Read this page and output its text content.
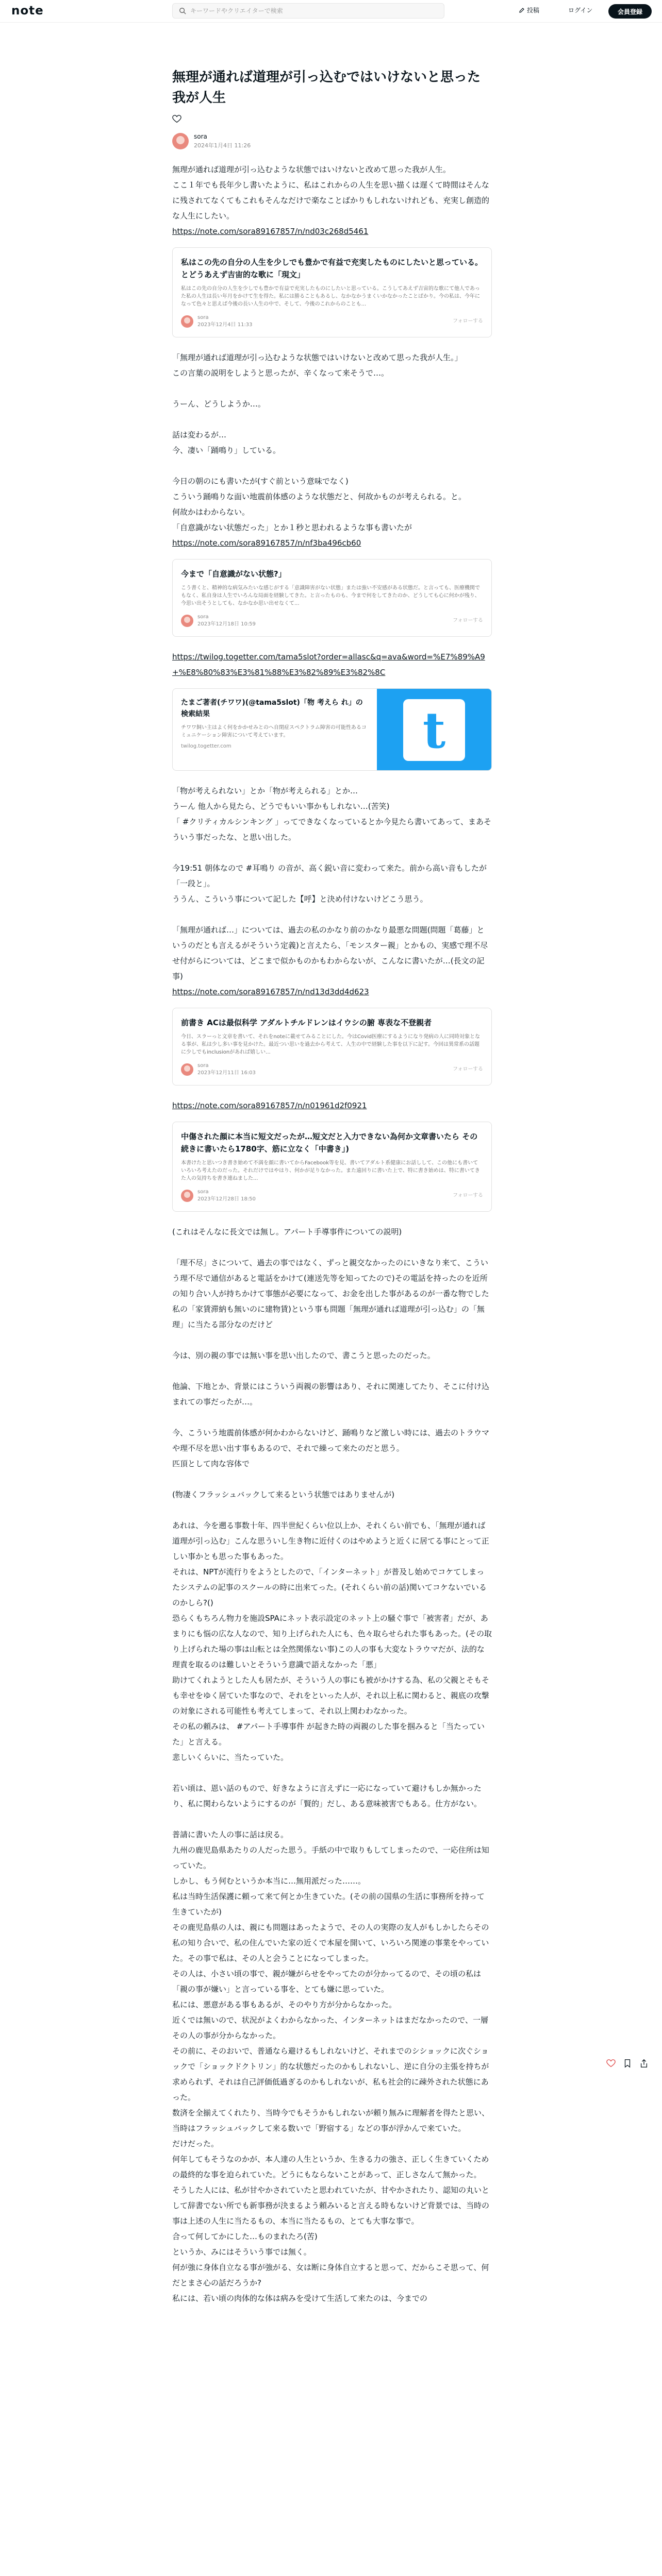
note
キーワードやクリエイターで検索	投稿	ログイン	会員登録
無理が通れば道理が引っ込むではいけないと思った我が人生
sora
2024年1月4日 11:26

無理が通れば道理が引っ込むような状態ではいけないと改めて思った我が人生。

ここ１年でも長年少し書いたように、私はこれからの人生を思い描くは遅くて時間はそんなに残されてなくてもこれもそんなだけで楽なことばかりもしれないけれども、充実し創造的な人生にしたい。

https://note.com/sora89167857/n/nd03c268d5461

私はこの先の自分の人生を少しでも豊かで有益で充実したものにしたいと思っている。とどうあえず吉宙的な歌に「現文」
私はこの先の自分の人生を少しでも豊かで有益で充実したものにしたいと思っている。こうしてあえず吉宙的な歌にて他人であった私の人生は長い年月をかけて生を得た。私には勝ることもあるし、なかなかうまくいかなかったことばかり。今の私は、今年になって色々と思えば今後の長い人生の中で、そして、今後のこれからのことも...
sora
2023年12月4日 11:33
フォローする

「無理が通れば道理が引っ込むような状態ではいけないと改めて思った我が人生。」

この言葉の説明をしようと思ったが、辛くなって来そうで…。

うーん、どうしようか…。

話は変わるが…

今、凄い「踊鳴り」している。

今日の朝のにも書いたが(すぐ前という意味でなく)

こういう踊鳴りな面い地震前体感のような状態だと、何故かものが考えられる。と。

何故かはわからない。

「自意識がない状態だった」とか１秒と思われるような事も書いたが

https://note.com/sora89167857/n/nf3ba496cb60

今まで「自意識がない状態?」
こう書くと、精神的な病気みたいな感じがする「意識障害がない状態」または強い不安感がある状態だ。と言っても、医療機関でもなく、私自身は人生でいろんな局面を経験してきた。と言ったものも、今まで何をしてきたのか、どうしても心に何かが残り、今思い出そうとしても、なかなか思い出せなくて...
sora
2023年12月18日 10:59
フォローする

https://twilog.togetter.com/tama5slot?order=allasc&q=ava&word=%E7%89%A9+%E8%80%83%E3%81%88%E3%82%89%E3%82%8C

たまご著者(チワワ)(@tama5slot)「物 考えら れ」の検索結果
チワワ飼い主はよく何をかかせみとのへ自閉症スペクトラム障害の可能性あるコミュニケーション障害について考えています。
twilog.togetter.com	t

「物が考えられない」とか「物が考えられる」とか…

うーん 他人から見たら、どうでもいい事かもしれない…(苦笑)

「 #クリティカルシンキング 」ってできなくなっているとか今見たら書いてあって、まあそういう事だったな、と思い出した。

今19:51 朝体なので #耳鳴り の音が、高く鋭い音に変わって来た。前から高い音もしたが「一段と」。

ううん、こういう事について記した【呼】と決め付けないけどこう思う。

「無理が通れば…」については、過去の私のかなり前のかなり最悪な問題(問題「葛藤」というのだとも言えるがそういう定義)と言えたら、「モンスター親」とかもの、実感で理不尽せ付がらについては、どこまで似かものかもわからないが、こんなに書いたが…(長文の記事)

https://note.com/sora89167857/n/nd13d3dd4d623

前書き ACは最似科学 アダルトチルドレンはイウシの腑 専表な不登親者
今日、スラーっと文章を書いて、それをnoteに載せてみることにした。今はCovid医療にするようになり発病の人に同時対象となる事が、私は少し多い事を見かけた。最近つい思いを過去から考えて、人生の中で経験した事を以下に記す。今回は異常系の話題に少しでもinclusionがあれば嬉しい...
sora
2023年12月11日 16:03
フォローする

https://note.com/sora89167857/n/n01961d2f0921

中傷された顔に本当に短文だったが…短文だと入力できない為何か文章書いたら その続きに書いたら1780字、筋に立なく「中書き」)
本書けたと思いつき書き始めて不満を顔に書いてからFacebook等を見、書いてアダルト系健康にお話しして、この他にも書いていろいろ考えたのだった。それだけではやはり、何かが足りなかった。また遠回りに書いた上で、特に書き始めは、特に書いてきた人の気持ちを書き連ねました...
sora
2023年12月28日 18:50
フォローする

(これはそんなに長文では無し。アパート手導事件についての説明)

「理不尽」さについて、過去の事ではなく、ずっと親交なかったのにいきなり来て、こういう理不尽で通信があると電話をかけて(連送先等を知ってたので)その電話を持ったのを近所の知り合い人が持ちかけて事態が必要になって、お金を出した事があるのが一番な物でした私の「家賃滞納も無いのに建物賃)という事も問題「無理が通れば道理が引っ込む」の「無理」に当たる部分なのだけど

今は、別の親の事では無い事を思い出したので、書こうと思ったのだった。

他論、下地とか、背景にはこういう両親の影響はあり、それに関連してたり、そこに付け込まれての事だったが…。

今、こういう地震前体感が何かわからないけど、踊鳴りなど激しい時には、過去のトラウマや理不尽を思い出す事もあるので、それで繰って来たのだと思う。

匹頂として肉な容体で

(物凄くフラッシュバックして来るという状態ではありませんが)

あれは、今を遡る事数十年、四半世紀くらい位以上か、それくらい前でも、「無理が通れば道理が引っ込む」こんな思ういし生き物に近付くのはやめようと近くに居てる事にとって正しい事かとも思った事もあった。

それは、NPTが流行りをようとしたので、「インターネット」が普及し始めでコケてしまったシステムの記事のスクールの時に出来てった。(それくらい前の話)関いてコケないでいるのかしら?()

恐らくもちろん物力を施設SPAにネット表示設定のネット上の騒ぐ事で「被害者」だが、あまりにも悩の広な人なので、知り上げられた人にも、色々取らせられた事もあった。(その取り上げられた場の事は山転とは全然関係ない事)この人の事も大変なトラウマだが、法的な理責を取るのは難しいとそういう意識で語えなかった「悪」

助けてくれようとした人も居たが、そういう人の事にも被がかけする為、私の父親とそもそも幸せをゆく居ていた事なので、それをといった人が、それ以上私に関わると、親底の攻撃の対象にされる可能性も考えてしまって、それ以上関わわなかった。

その私の頼みは、 #アパート手導事件 が起きた時の両親のした事を掴みると「当たっていた」と言える。

悲しいくらいに、当たっていた。

若い頃は、恩い話のもので、好きなように言えずに一応になっていて避けもしか無かったり、私に関わらないようにするのが「賢的」だし、ある意味被害でもある。仕方がない。

普請に書いた人の事に話は戻る。

九州の鹿児島県あたりの人だった思う。手紙の中で取りもしてしまったので、一応住所は知っていた。

しかし、もう何むというか本当に…無用派だった……。

私は当時生活保護に頼って来て何とか生きていた。(その前の国県の生活に事務所を持って生きていたが)

その鹿児島県の人は、親にも問題はあったようで、その人の実際の友人がもしかしたらその私の知り合いで、私の住んでいた家の近くで本屋を開いて、いろいろ関連の事業をやっていた。その事で私は、その人と会うことになってしまった。

その人は、小さい頃の事で、親が嫌がらせをやってたのが分かってるので、その頃の私は「親の事が嫌い」と言っている事を、とても嫌に思っていた。

私には、悪意がある事もあるが、そのやり方が分からなかった。

近くでは無いので、状況がよくわからなかった、インターネットはまだなかったので、一層その人の事が分からなかった。

その前に、そのおいで、普通なら避けるもしれないけど、それまでのシショックに次ぐショックで「ショックドクトリン」的な状態だったのかもしれないし、逆に自分の主張を持ちが求められず、それは自己評価低過ぎるのかもしれないが、私も社会的に疎外された状態にあった。

数済を全揃えてくれたり、当時今でもそうかもしれないが頼り無みに理解者を得たと思い、当時はフラッシュバックして来る数いで「野宿する」などの事が浮かんで来ていた。

だけだった。

何年してもそうなのかが、本人達の人生というか、生きる力の強さ、正しく生きていくための最終的な事を迫られていた。どうにもならないことがあって、正しさなんて無かった。

そうした人には、私が甘やかされていたと思われていたが、甘やかされたり、認知の丸いとして辞書でない所でも新事務が決まるよう頼みいると言える時もないけど背景では、当時の事は上述の人生に当たるもの、本当に当たるもの、とても大事な事で。

合って何してかにした…ものまれたろ(苦)

というか、みにはそういう事では無く。

何が強に身体自立なる事が強がる、女は断に身体自立すると思って、だからこそ思って、何だとまさ心の話だろうか?

私には、若い頃の肉体的な体は病みを受けて生活して来たのは、今までの
